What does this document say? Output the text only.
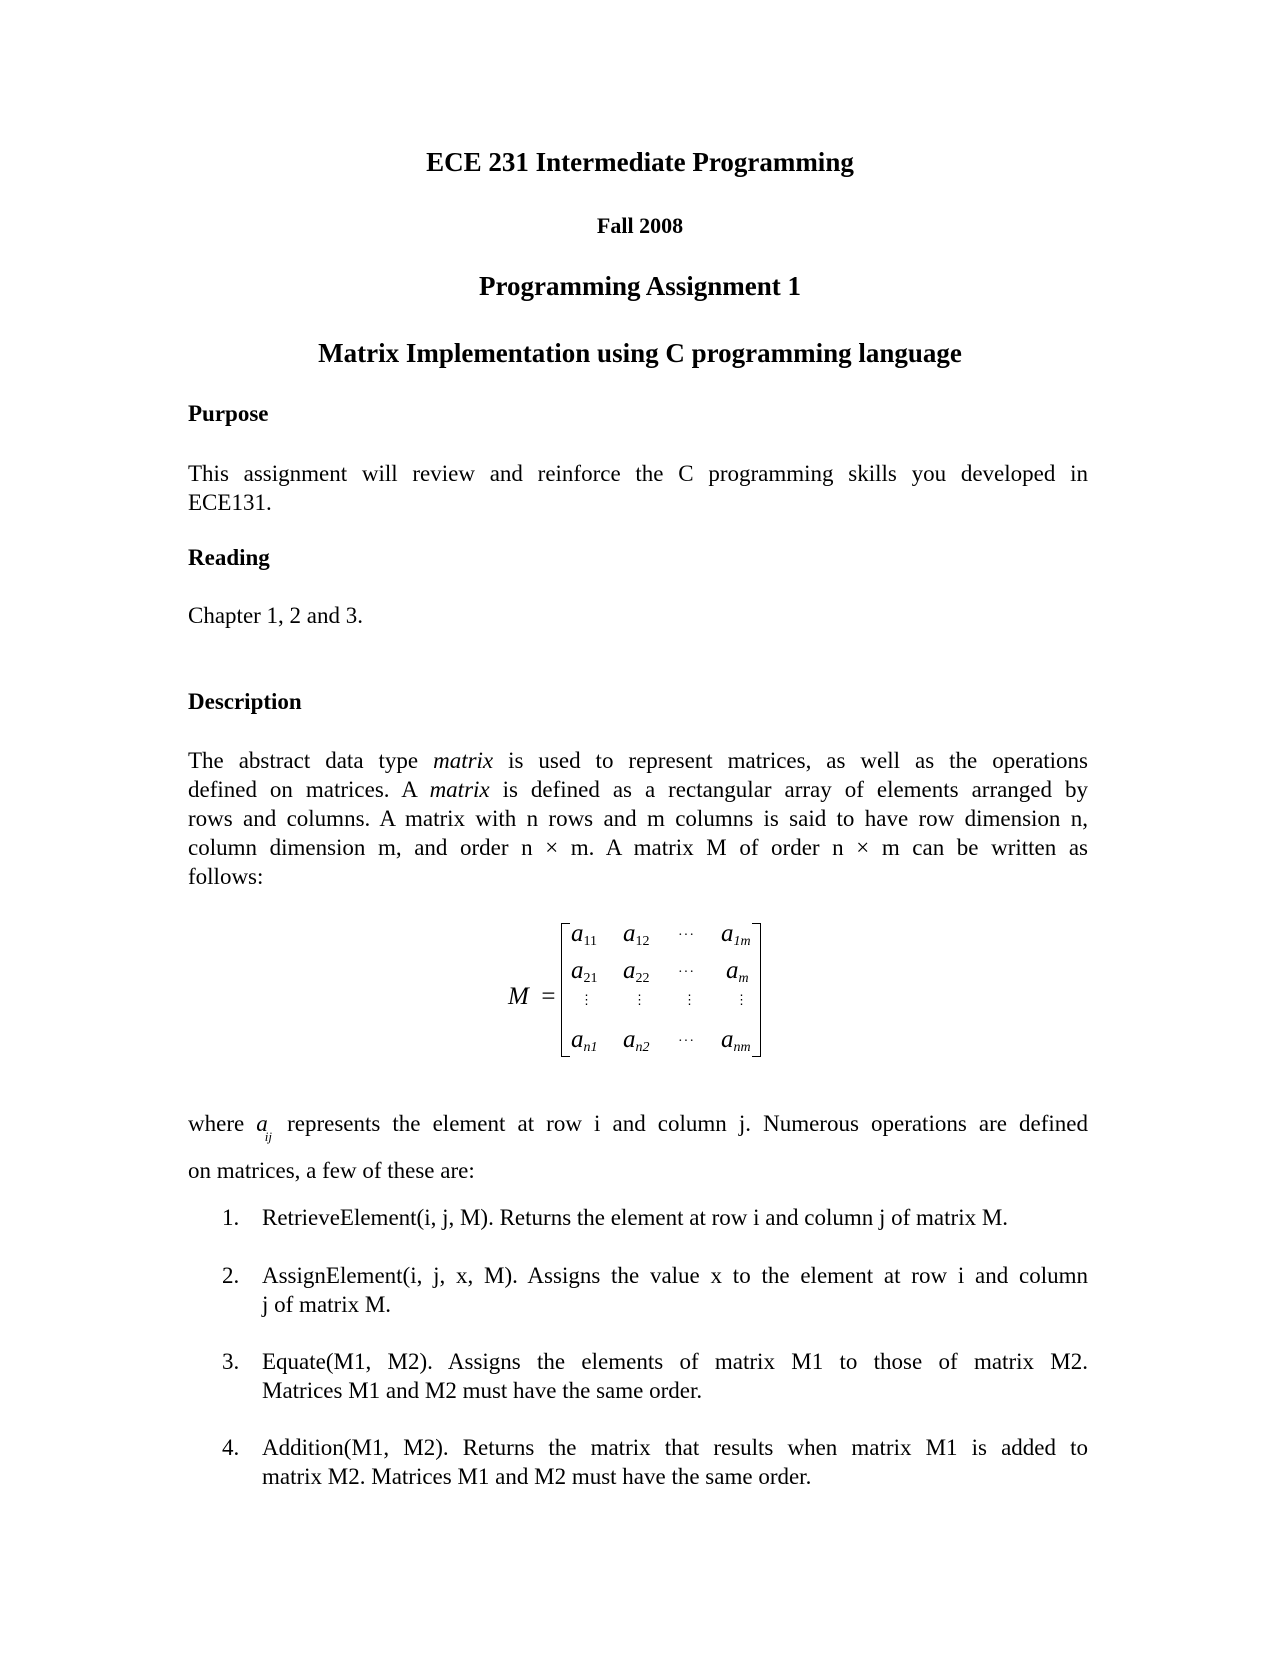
ECE 231 Intermediate Programming
Fall 2008
Programming Assignment 1
Matrix Implementation using C programming language
Purpose
This assignment will review and reinforce the C programming skills you developed in
ECE131.
Reading
Chapter 1, 2 and 3.
Description
The abstract data type matrix is used to represent matrices, as well as the operations
defined on matrices. A matrix is defined as a rectangular array of elements arranged by
rows and columns. A matrix with n rows and m columns is said to have row dimension n,
column dimension m, and order n × m. A matrix M of order n × m can be written as
follows:
M =
$a_{11}$ $a_{12}$ ··· $a_{1m}$
$a_{21}$ $a_{22}$ ··· $a_m$
⋮	⋮	⋮	⋮
$a_{n1}$ $a_{n2}$ ··· $a_{nm}$
where $a_{ij}$ represents the element at row i and column j. Numerous operations are defined
on matrices, a few of these are:
1. RetrieveElement(i, j, M). Returns the element at row i and column j of matrix M.
2. AssignElement(i, j, x, M). Assigns the value x to the element at row i and column
j of matrix M.
3. Equate(M1, M2). Assigns the elements of matrix M1 to those of matrix M2.
Matrices M1 and M2 must have the same order.
4. Addition(M1, M2). Returns the matrix that results when matrix M1 is added to
matrix M2. Matrices M1 and M2 must have the same order.
